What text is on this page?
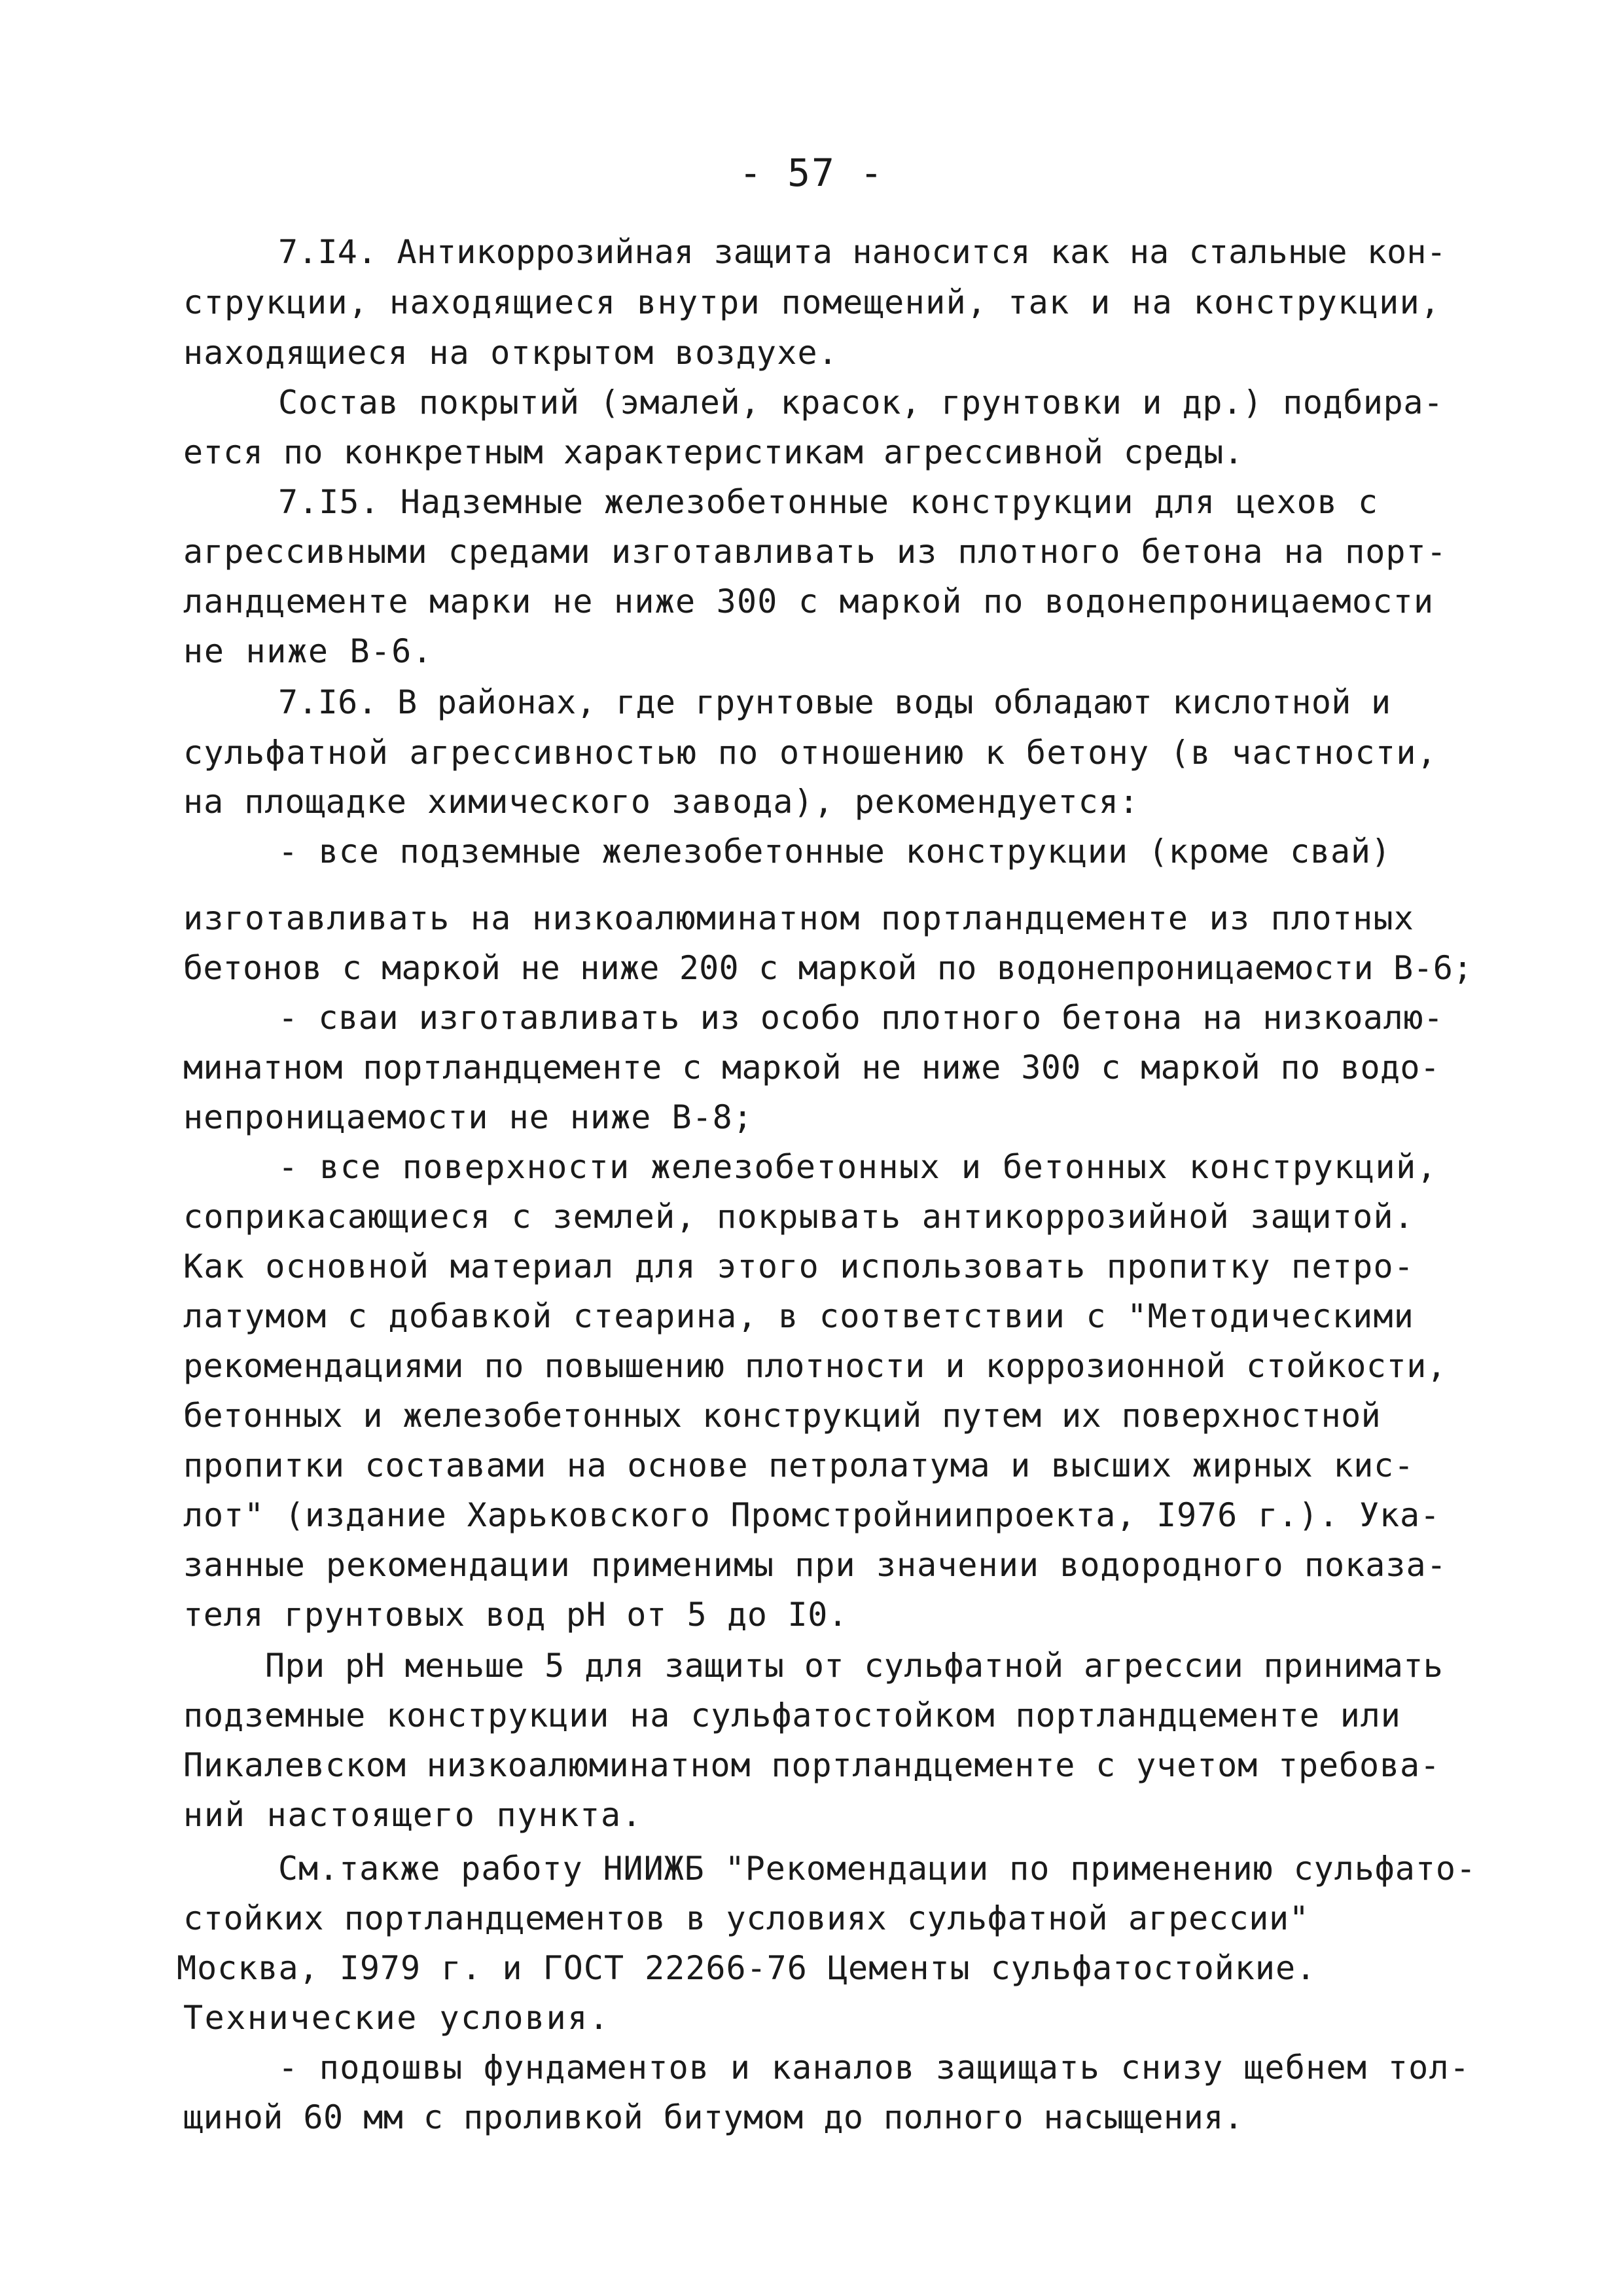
- 57 -
7.I4. Антикоррозийная защита наносится как на стальные кон-
струкции, находящиеся внутри помещений, так и на конструкции,
находящиеся на открытом воздухе.
Состав покрытий (эмалей, красок, грунтовки и др.) подбира-
ется по конкретным характеристикам агрессивной среды.
7.I5. Надземные железобетонные конструкции для цехов с
агрессивными средами изготавливать из плотного бетона на порт-
ландцементе марки не ниже 300 с маркой по водонепроницаемости
не ниже В-6.
7.I6. В районах, где грунтовые воды обладают кислотной и
сульфатной агрессивностью по отношению к бетону (в частности,
на площадке химического завода), рекомендуется:
- все подземные железобетонные конструкции (кроме свай)
изготавливать на низкоалюминатном портландцементе из плотных
бетонов с маркой не ниже 200 с маркой по водонепроницаемости В-6;
- сваи изготавливать из особо плотного бетона на низкоалю-
минатном портландцементе с маркой не ниже 300 с маркой по водо-
непроницаемости не ниже В-8;
- все поверхности железобетонных и бетонных конструкций,
соприкасающиеся с землей, покрывать антикоррозийной защитой.
Как основной материал для этого использовать пропитку петро-
латумом с добавкой стеарина, в соответствии с "Методическими
рекомендациями по повышению плотности и коррозионной стойкости,
бетонных и железобетонных конструкций путем их поверхностной
пропитки составами на основе петролатума и высших жирных кис-
лот" (издание Харьковского Промстройниипроекта, I976 г.). Ука-
занные рекомендации применимы при значении водородного показа-
теля грунтовых вод рН от 5 до I0.
При рН меньше 5 для защиты от сульфатной агрессии принимать
подземные конструкции на сульфатостойком портландцементе или
Пикалевском низкоалюминатном портландцементе с учетом требова-
ний настоящего пункта.
См.также работу НИИЖБ "Рекомендации по применению сульфато-
стойких портландцементов в условиях сульфатной агрессии"
Москва, I979 г. и ГОСТ 22266-76 Цементы сульфатостойкие.
Технические условия.
- подошвы фундаментов и каналов защищать снизу щебнем тол-
щиной 60 мм с проливкой битумом до полного насыщения.
